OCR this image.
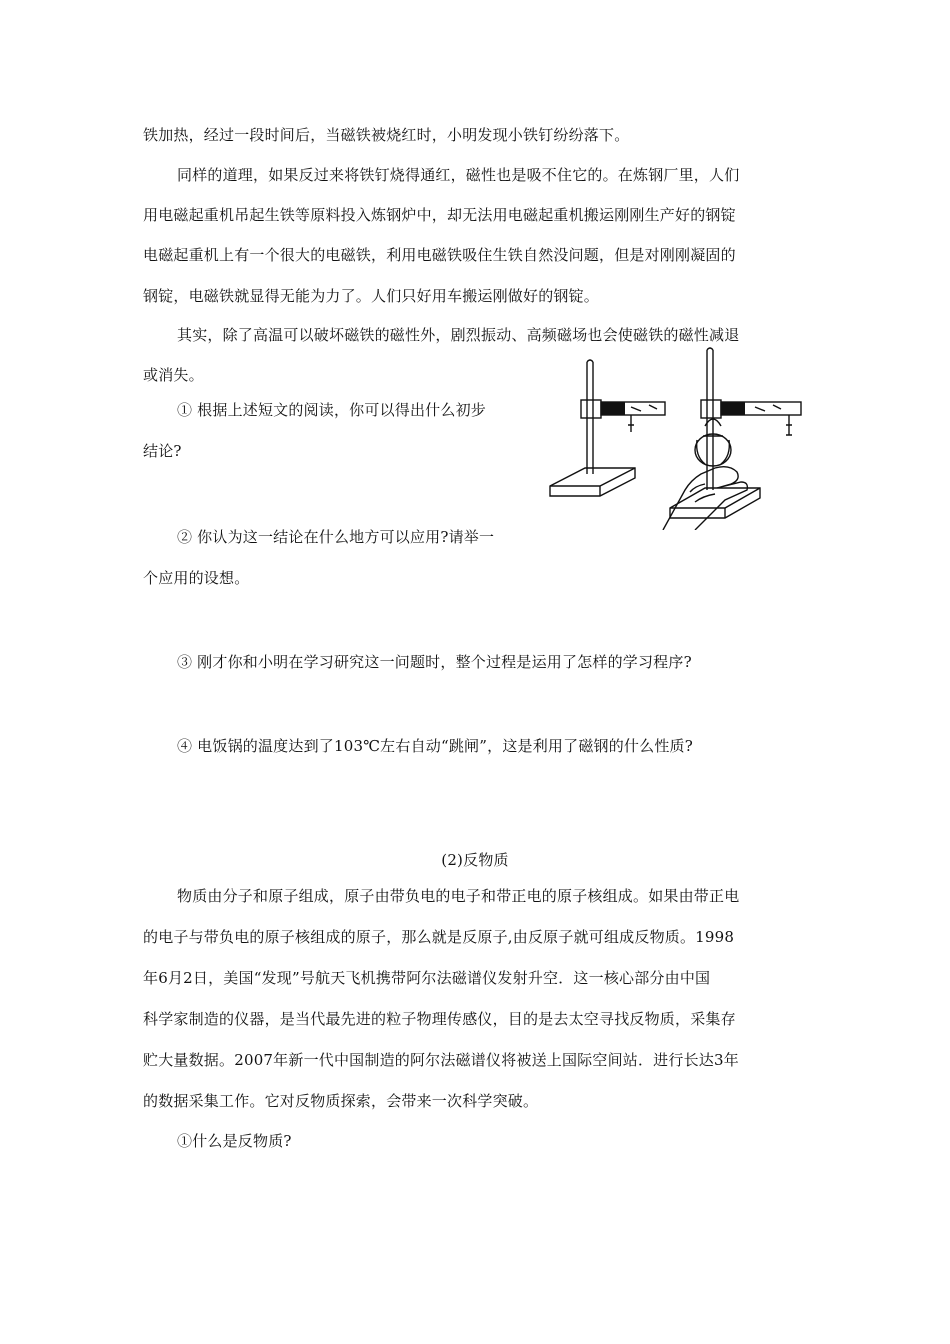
铁加热，经过一段时间后，当磁铁被烧红时，小明发现小铁钉纷纷落下。
同样的道理，如果反过来将铁钉烧得通红，磁性也是吸不住它的。在炼钢厂里，人们
用电磁起重机吊起生铁等原料投入炼钢炉中，却无法用电磁起重机搬运刚刚生产好的钢锭
电磁起重机上有一个很大的电磁铁，利用电磁铁吸住生铁自然没问题，但是对刚刚凝固的
钢锭，电磁铁就显得无能为力了。人们只好用车搬运刚做好的钢锭。
其实，除了高温可以破坏磁铁的磁性外，剧烈振动、高频磁场也会使磁铁的磁性减退
或消失。
① 根据上述短文的阅读，你可以得出什么初步
结论?
② 你认为这一结论在什么地方可以应用?请举一
个应用的设想。
③ 刚才你和小明在学习研究这一问题时，整个过程是运用了怎样的学习程序?
④ 电饭锅的温度达到了103℃左右自动“跳闸”，这是利用了磁钢的什么性质?
(2)反物质
物质由分子和原子组成，原子由带负电的电子和带正电的原子核组成。如果由带正电
的电子与带负电的原子核组成的原子，那么就是反原子,由反原子就可组成反物质。1998
年6月2日，美国“发现”号航天飞机携带阿尔法磁谱仪发射升空．这一核心部分由中国
科学家制造的仪器，是当代最先进的粒子物理传感仪，目的是去太空寻找反物质，采集存
贮大量数据。2007年新一代中国制造的阿尔法磁谱仪将被送上国际空间站．进行长达3年
的数据采集工作。它对反物质探索，会带来一次科学突破。
①什么是反物质?
